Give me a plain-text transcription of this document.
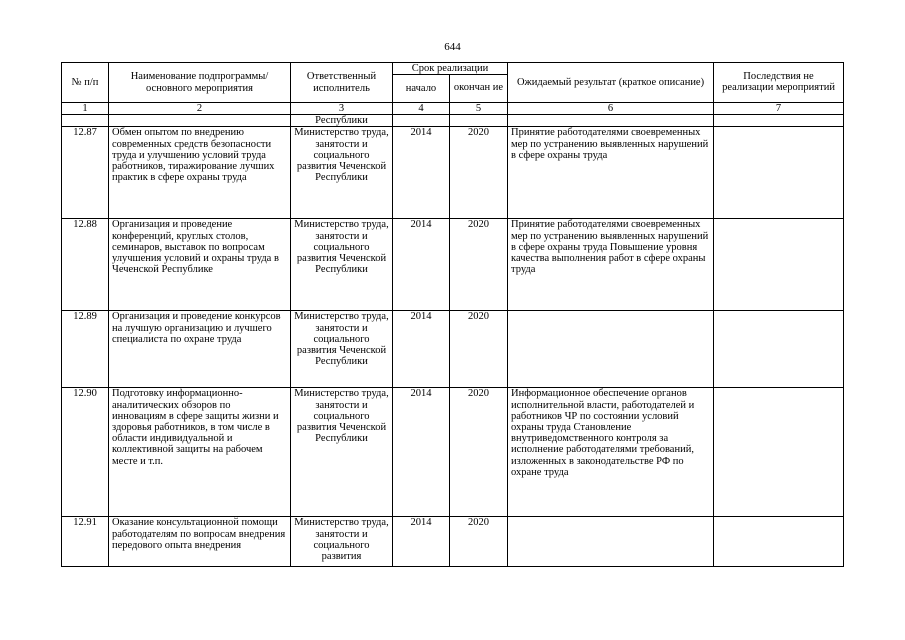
644
№ п/п	Наименование подпрограммы/ основного мероприятия	Ответственный исполнитель	Срок реализации		Ожидаемый результат (краткое описание)	Последствия не реализации мероприятий
			начало	окончан ие		
1	2	3	4	5	6	7
		Республики				
12.87	Обмен опытом по внедрению современных средств безопасности труда и улучшению условий труда работников, тиражирование лучших практик в сфере охраны труда	Министерство труда, занятости и социального развития Чеченской Республики	2014	2020	Принятие работодателями своевременных мер по устранению выявленных нарушений в сфере охраны труда	
12.88	Организация и проведение конференций, круглых столов, семинаров, выставок по вопросам улучшения условий и охраны труда в Чеченской Республике	Министерство труда, занятости и социального развития Чеченской Республики	2014	2020	Принятие работодателями своевременных мер по устранению выявленных нарушений в сфере охраны труда Повышение уровня качества выполнения работ в сфере охраны труда	
12.89	Организация и проведение конкурсов на лучшую организацию и лучшего специалиста по охране труда	Министерство труда, занятости и социального развития Чеченской Республики	2014	2020		
12.90	Подготовку информационно-аналитических обзоров по инновациям в сфере защиты жизни и здоровья работников, в том числе в области индивидуальной и коллективной защиты на рабочем месте и т.п.	Министерство труда, занятости и социального развития Чеченской Республики	2014	2020	Информационное обеспечение органов исполнительной власти, работодателей и работников ЧР по состоянии условий охраны труда Становление внутриведомственного контроля за исполнение работодателями требований, изложенных в законодательстве РФ по охране труда	
12.91	Оказание консультационной помощи работодателям по вопросам внедрения передового опыта внедрения	Министерство труда, занятости и социального развития	2014	2020		
